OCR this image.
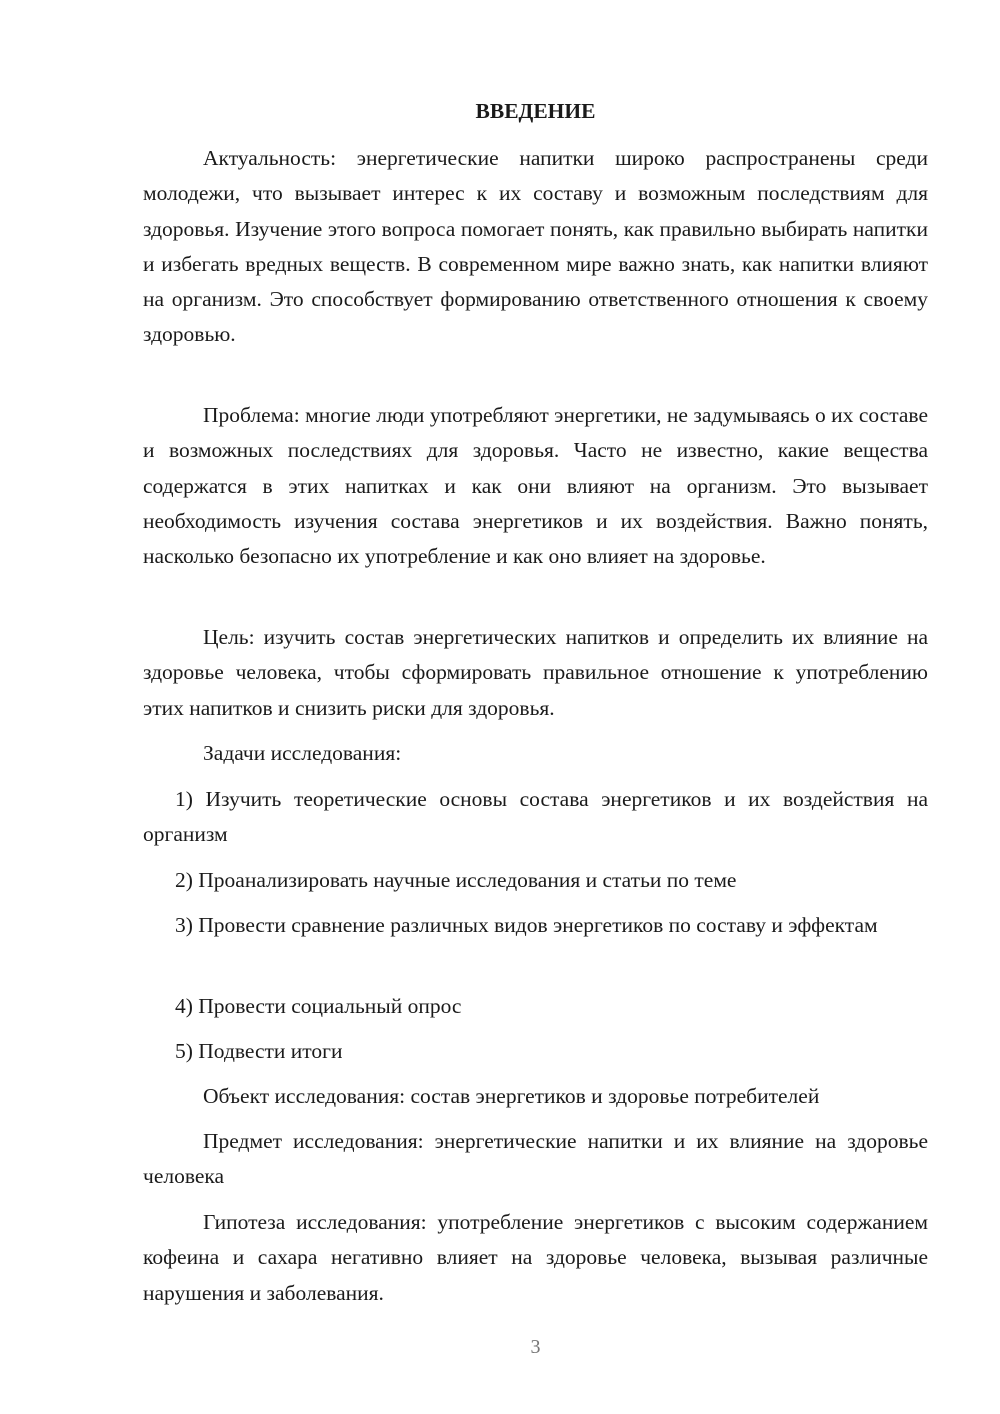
ВВЕДЕНИЕ

Актуальность: энергетические напитки широко распространены среди молодежи, что вызывает интерес к их составу и возможным последствиям для здоровья. Изучение этого вопроса помогает понять, как правильно выбирать напитки и избегать вредных веществ. В современном мире важно знать, как напитки влияют на организм. Это способствует формированию ответственного отношения к своему здоровью.

Проблема: многие люди употребляют энергетики, не задумываясь о их составе и возможных последствиях для здоровья. Часто не известно, какие вещества содержатся в этих напитках и как они влияют на организм. Это вызывает необходимость изучения состава энергетиков и их воздействия. Важно понять, насколько безопасно их употребление и как оно влияет на здоровье.

Цель: изучить состав энергетических напитков и определить их влияние на здоровье человека, чтобы сформировать правильное отношение к употреблению этих напитков и снизить риски для здоровья.

Задачи исследования:

1) Изучить теоретические основы состава энергетиков и их воздействия на организм

2) Проанализировать научные исследования и статьи по теме

3) Провести сравнение различных видов энергетиков по составу и эффектам

4) Провести социальный опрос

5) Подвести итоги

Объект исследования: состав энергетиков и здоровье потребителей

Предмет исследования: энергетические напитки и их влияние на здоровье человека

Гипотеза исследования: употребление энергетиков с высоким содержанием кофеина и сахара негативно влияет на здоровье человека, вызывая различные нарушения и заболевания.

3
